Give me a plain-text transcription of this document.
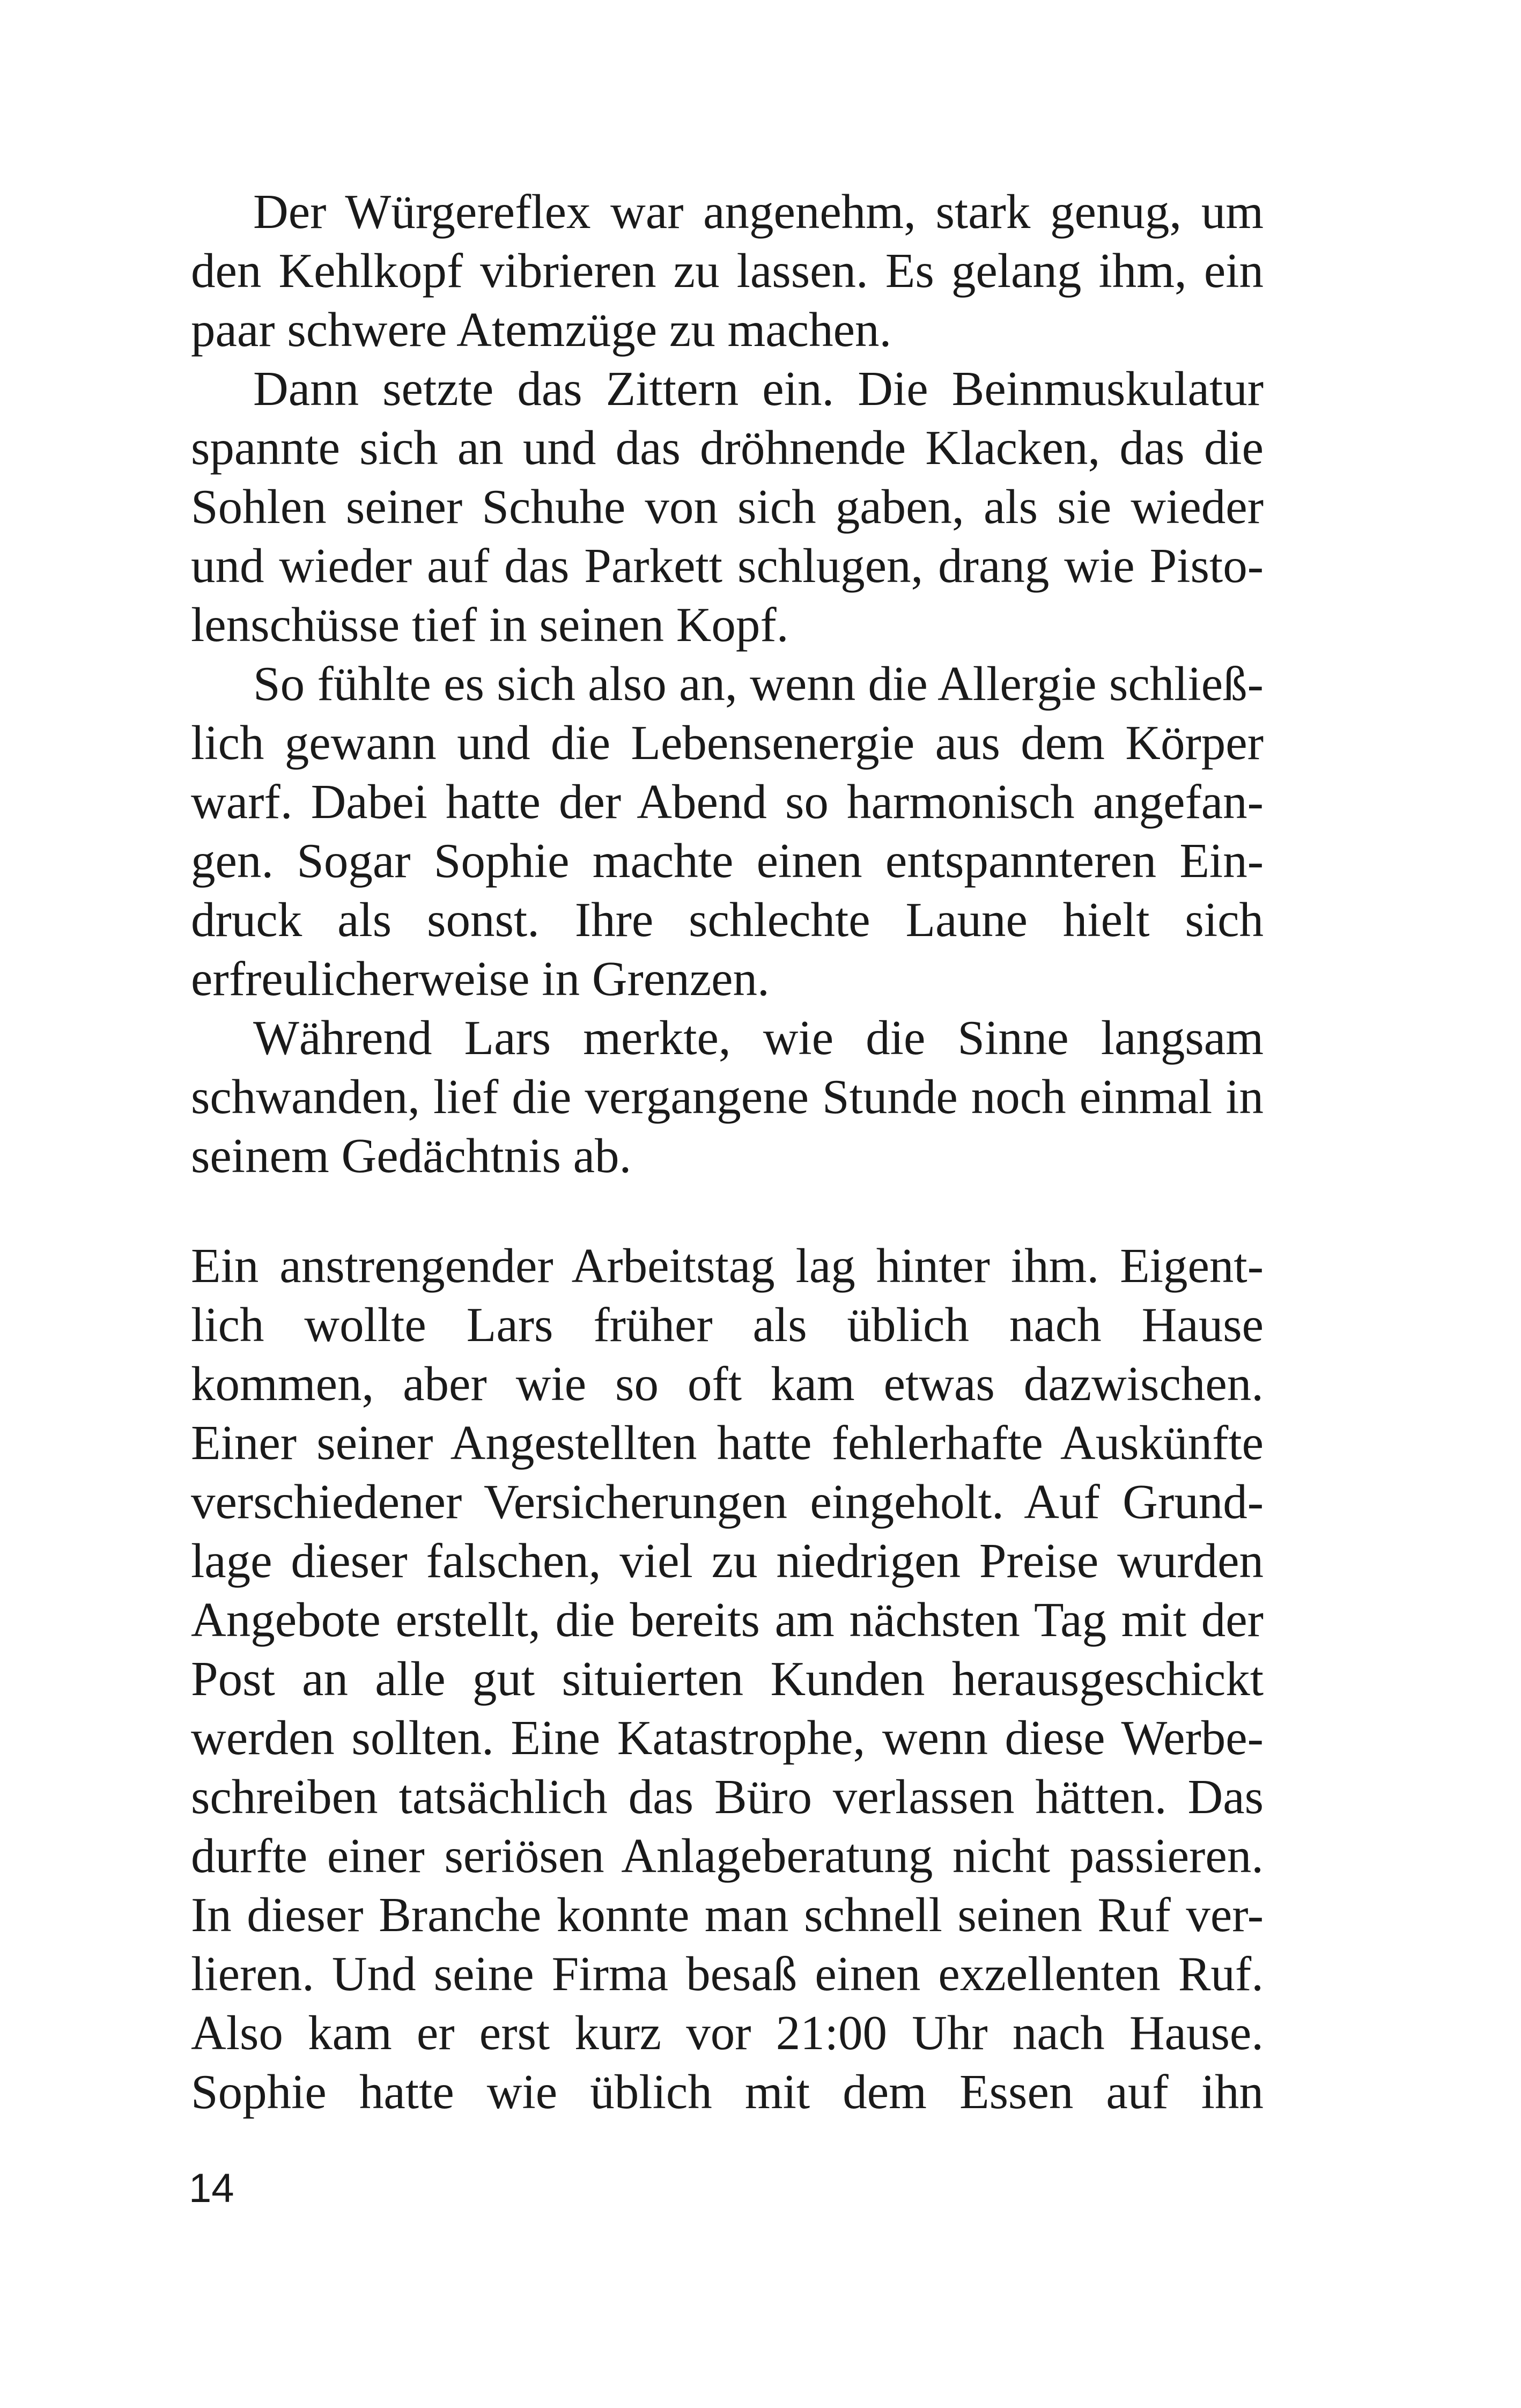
Der Würgereflex war angenehm, stark genug, um
den Kehlkopf vibrieren zu lassen. Es gelang ihm, ein
paar schwere Atemzüge zu machen.
Dann setzte das Zittern ein. Die Beinmuskulatur
spannte sich an und das dröhnende Klacken, das die
Sohlen seiner Schuhe von sich gaben, als sie wieder
und wieder auf das Parkett schlugen, drang wie Pisto-
lenschüsse tief in seinen Kopf.
So fühlte es sich also an, wenn die Allergie schließ-
lich gewann und die Lebensenergie aus dem Körper
warf. Dabei hatte der Abend so harmonisch angefan-
gen. Sogar Sophie machte einen entspannteren Ein-
druck als sonst. Ihre schlechte Laune hielt sich
erfreulicherweise in Grenzen.
Während Lars merkte, wie die Sinne langsam
schwanden, lief die vergangene Stunde noch einmal in
seinem Gedächtnis ab.
Ein anstrengender Arbeitstag lag hinter ihm. Eigent-
lich wollte Lars früher als üblich nach Hause
kommen, aber wie so oft kam etwas dazwischen.
Einer seiner Angestellten hatte fehlerhafte Auskünfte
verschiedener Versicherungen eingeholt. Auf Grund-
lage dieser falschen, viel zu niedrigen Preise wurden
Angebote erstellt, die bereits am nächsten Tag mit der
Post an alle gut situierten Kunden herausgeschickt
werden sollten. Eine Katastrophe, wenn diese Werbe-
schreiben tatsächlich das Büro verlassen hätten. Das
durfte einer seriösen Anlageberatung nicht passieren.
In dieser Branche konnte man schnell seinen Ruf ver-
lieren. Und seine Firma besaß einen exzellenten Ruf.
Also kam er erst kurz vor 21:00 Uhr nach Hause.
Sophie hatte wie üblich mit dem Essen auf ihn
14
